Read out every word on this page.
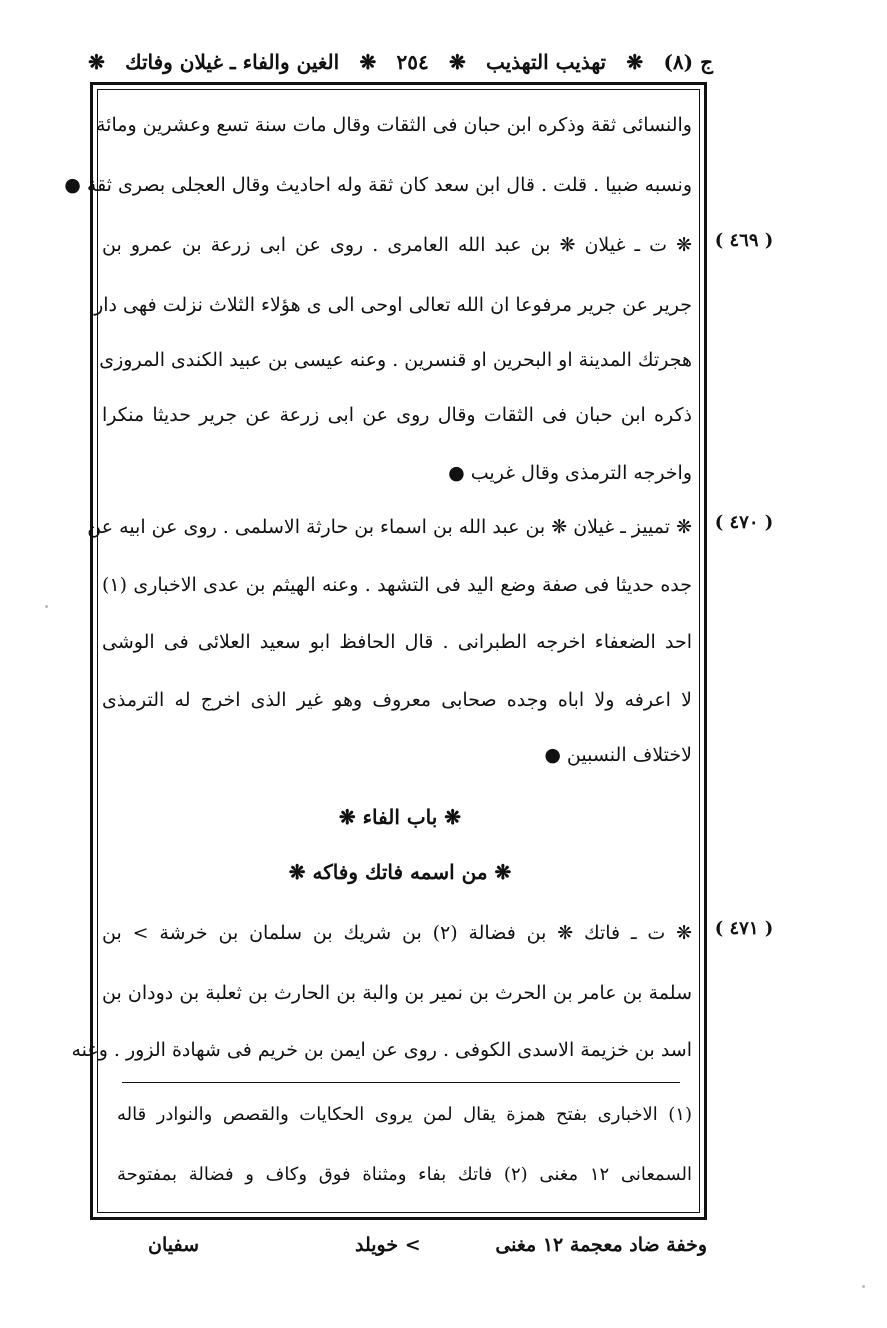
ج (٨)
❋
تهذيب التهذيب
❋
٢٥٤
❋
الغين والفاء ـ غيلان وفاتك
❋
والنسائى ثقة وذكره ابن حبان فى الثقات وقال مات سنة تسع وعشرين ومائة
ونسبه ضبيا . قلت . قال ابن سعد كان ثقة وله احاديث وقال العجلى بصرى ثقة ●
❋ ت ـ غيلان ❋ بن عبد الله العامرى . روى عن ابى زرعة بن عمرو بن
جرير عن جرير مرفوعا ان الله تعالى اوحى الى ى هؤلاء الثلاث نزلت فهى دار
هجرتك المدينة او البحرين او قنسرين . وعنه عيسى بن عبيد الكندى المروزى
ذكره ابن حبان فى الثقات وقال روى عن ابى زرعة عن جرير حديثا منكرا
واخرجه الترمذى وقال غريب ●
❋ تمييز ـ غيلان ❋ بن عبد الله بن اسماء بن حارثة الاسلمى . روى عن ابيه عن
جده حديثا فى صفة وضع اليد فى التشهد . وعنه الهيثم بن عدى الاخبارى (١)
احد الضعفاء اخرجه الطبرانى . قال الحافظ ابو سعيد العلائى فى الوشى
لا اعرفه ولا اباه وجده صحابى معروف وهو غير الذى اخرج له الترمذى
لاختلاف النسبين ●
❋ باب الفاء ❋
❋ من اسمه فاتك وفاكه ❋
❋ ت ـ فاتك ❋ بن فضالة (٢) بن شريك بن سلمان بن خرشة > بن
سلمة بن عامر بن الحرث بن نمير بن والبة بن الحارث بن ثعلبة بن دودان بن
اسد بن خزيمة الاسدى الكوفى . روى عن ايمن بن خريم فى شهادة الزور . وعنه
( ٤٦٩ )
( ٤٧٠ )
( ٤٧١ )
(١) الاخبارى بفتح همزة يقال لمن يروى الحكايات والقصص والنوادر قاله
السمعانى ١٢ مغنى (٢) فاتك بفاء ومثناة فوق وكاف و فضالة بمفتوحة
وخفة ضاد معجمة ١٢ مغنى
> خويلد
سفيان
